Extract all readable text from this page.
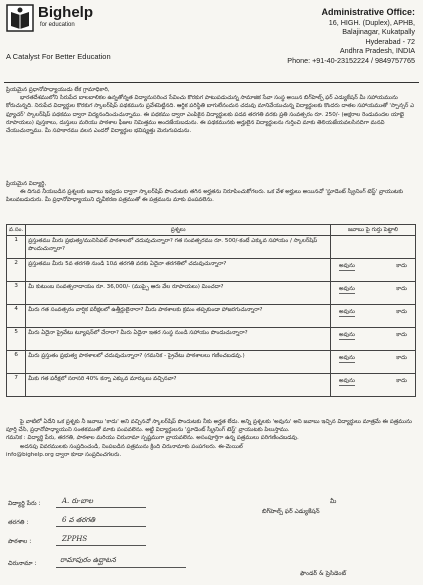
Bighelp
for education
A Catalyst For Better Education
Administrative Office:
16, HIGH. (Duplex), APHB,
Balajinagar, Kukatpally
Hyderabad - 72
Andhra Pradesh, INDIA
Phone: +91-40-23152224 / 9849757765

ప్రియమైన ప్రధానోపాధ్యాయుడు లేక గ్రామాధికారి,

భారతదేశములోని సిరుపేద బాలబాలికల ఉన్నతోన్నత విద్యానుసరించ సేవించు కొరకుగ పాటుపడుచున్న సామాజిక సేవా సంస్థ అయిన బిగ్‌హెల్ప్ ఫర్ ఎడ్యుకేషన్ మీ సహాయమును కోరుచున్నది. నిరుపేద విద్యార్థుల కొరకుగ స్కాలర్‌షిప్ పథకమును ప్రవేశపెట్టినది. ఆర్థిక పరిస్థితి బాగులేనందున చదువు మానివేయుచున్న విద్యార్థులకు కొందరు దాతల సహాయముతో 'స్పాన్సర్ ఎ ఫ్యూచర్' స్కాలర్‌షిప్ పథకము ద్వారా విద్యనందించుచున్నాము. ఈ పథకము ద్వారా ఎంపికైన విద్యార్థులకు పదవ తరగతి వరకు ప్రతి సంవత్సరం రూ. 250/- (అక్షరాల రెండువందల యాభై రూపాయలు) పుస్తకాలు, దుస్తులు మరియు పాఠశాల ఫీజుల నిమిత్తము అందజేయబడును. ఈ పథకమునకు అర్హులైన విద్యార్థులను గుర్తించి మాకు తెలియజేయవలసినదిగా మనవి చేయుచున్నాము. మీ సహకారము వలన ఎందరో విద్యార్థుల భవిష్యత్తు మెరుగుపడును.

ప్రియమైన విద్యార్థి,

ఈ దిగువ నీయబడిన ప్రశ్నలకు జవాబు ఇవ్వడం ద్వారా స్కాలర్‌షిప్ పొందుటకు తగిన అర్హతను నిరూపించుకోగలరు. ఒక వేళ అర్హులు అయినచో 'స్టూడెంట్ స్క్రీనింగ్ టెస్ట్' వ్రాయుటకు పిలువబడుదురు. మీ ప్రధానోపాధ్యాయుని ధృవీకరణ పత్రముతో ఈ పత్రమును మాకు పంపవలెను.

వ.సం.	ప్రశ్నలు	జవాబు పై గుర్తు పెట్టాలి
1	ప్రస్తుతము మీరు ప్రభుత్వ/మునిసిపల్ పాఠశాలలో చదువుచున్నారా? గత సంవత్సరము రూ. 500/-కంటే ఎక్కువ సహాయం / స్కాలర్‌షిప్ పొందుచున్నారా?	

2	ప్రస్తుతము మీరు 5వ తరగతి నుండి 10వ తరగతి వరకు ఏదైనా తరగతిలో చదువుచున్నారా?	అవును కాదు

3	మీ కుటుంబ సంవత్సరాదాయం రూ. 36,000/- (ముప్పై ఆరు వేల రూపాయలు) మించదా?	అవును కాదు

4	మీరు గత సంవత్సరం వార్షిక పరీక్షలలో ఉత్తీర్ణులైనారా? మీరు పాఠశాలకు క్రమం తప్పకుండా హాజరగుచున్నారా?	అవును కాదు

5	మీరు ఏదైనా ప్రైవేటు ట్యూషన్‌లో చేరారా? మీరు ఏదైనా ఇతర సంస్థ నుండి సహాయం పొందుచున్నారా?	అవును కాదు

6	మీరు ప్రస్తుతం ప్రభుత్వ పాఠశాలలో చదువుచున్నారా? (గమనిక - ప్రైవేటు పాఠశాలలు గణించబడవు.)	అవును కాదు

7	మీకు గత పరీక్షలో సరాసరి 40% కన్నా ఎక్కువ మార్కులు వచ్చినవా?	అవును కాదు

పై వాటిలో ఏదేని ఒక ప్రశ్నకు నీ జవాబు 'కాదు' అని వచ్చినచో స్కాలర్‌షిప్ పొందుటకు నీకు అర్హత లేదు. అన్ని ప్రశ్నలకు 'అవును' అని జవాబు ఇచ్చిన విద్యార్థులు మాత్రమే ఈ పత్రమును పూర్తి చేసి, ప్రధానోపాధ్యాయుని సంతకముతో మాకు పంపవలెను. అట్టి విద్యార్థులను 'స్టూడెంట్ స్క్రీనింగ్ టెస్ట్' వ్రాయుటకు పిలుస్తాము.

గమనిక : విద్యార్థి పేరు, తరగతి, పాఠశాల మరియు చిరునామా స్పష్టముగా వ్రాయవలెను. అసంపూర్తిగా ఉన్న పత్రములు పరిగణించబడవు.

అదనపు వివరములకు సంప్రదించండి, నింపబడిన పత్రమును క్రింది చిరునామాకు పంపగలరు. ఈ-మెయిల్

info@bighelp.org ద్వారా కూడా సంప్రదించగలరు.

విద్యార్థి పేరు :	A. రు-బాల
తరగతి :	6 వ తరగతి
పాఠశాల :	ZPPHS
చిరునామా :	రామాపురం ఉద్ఘాటన
మీ
బిగ్‌హెల్ప్ ఫర్ ఎడ్యుకేషన్
ఫౌండర్ & ప్రెసిడెంట్
